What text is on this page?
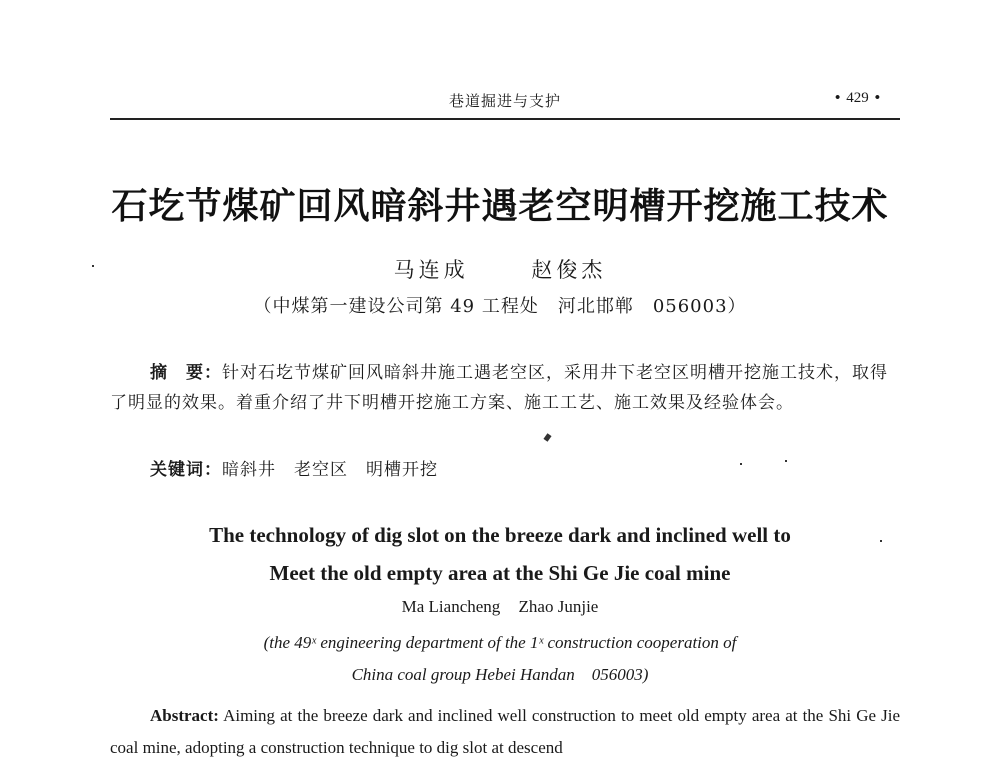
巷道掘进与支护	• 429 •
石圪节煤矿回风暗斜井遇老空明槽开挖施工技术
马连成	赵俊杰
（中煤第一建设公司第 49 工程处　河北邯郸　056003）
摘　要：针对石圪节煤矿回风暗斜井施工遇老空区，采用井下老空区明槽开挖施工技术，取得了明显的效果。着重介绍了井下明槽开挖施工方案、施工工艺、施工效果及经验体会。
关键词：暗斜井 老空区 明槽开挖
The technology of dig slot on the breeze dark and inclined well to
Meet the old empty area at the Shi Ge Jie coal mine
Ma Liancheng Zhao Junjie
(the 49ˣ engineering department of the 1ˣ construction cooperation of
China coal group Hebei Handan　056003)
Abstract: Aiming at the breeze dark and inclined well construction to meet old empty area at the Shi Ge Jie coal mine, adopting a construction technique to dig slot at descend
